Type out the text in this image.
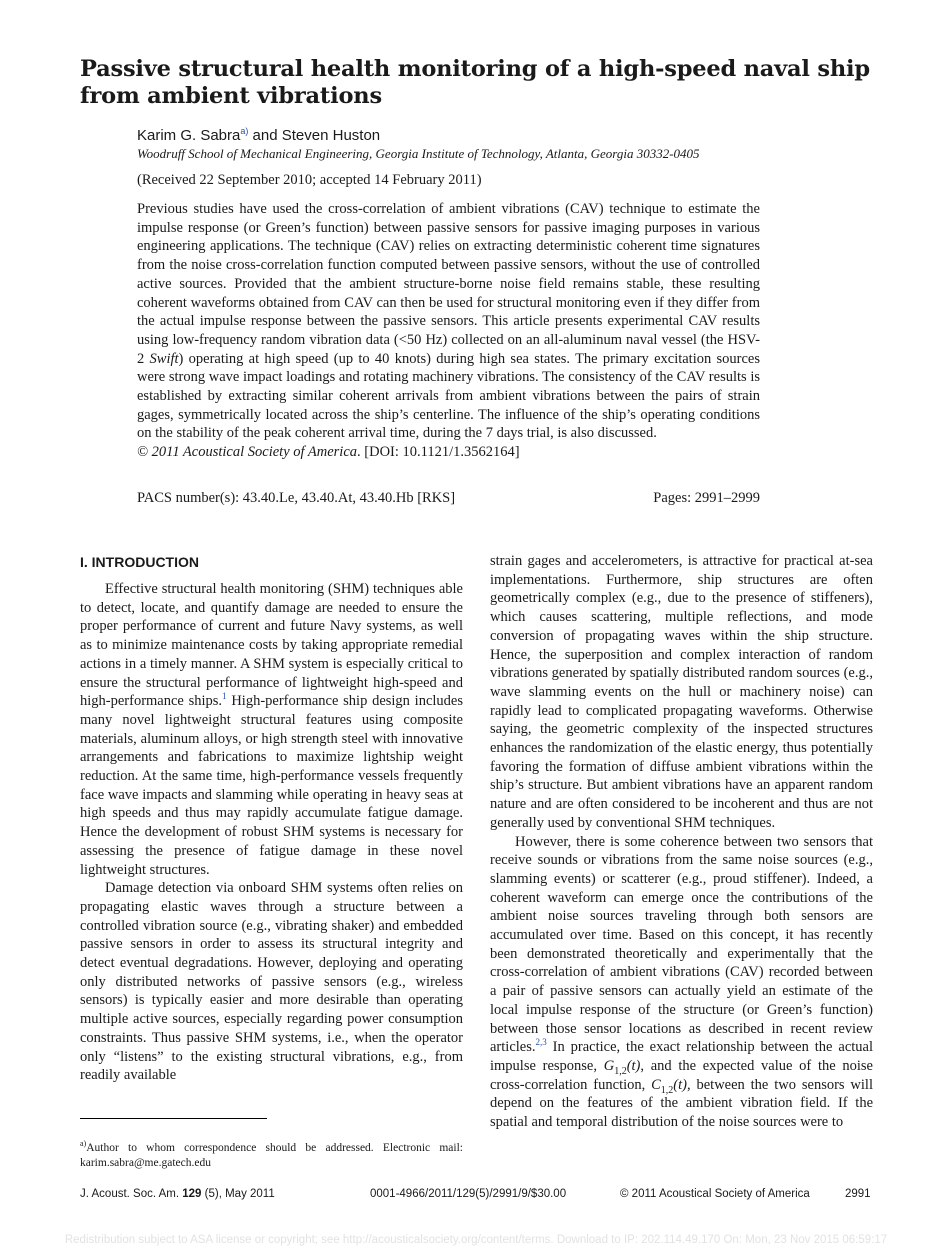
Passive structural health monitoring of a high-speed naval ship from ambient vibrations
Karim G. Sabra$^{a)}$ and Steven Huston
Woodruff School of Mechanical Engineering, Georgia Institute of Technology, Atlanta, Georgia 30332-0405
(Received 22 September 2010; accepted 14 February 2011)

Previous studies have used the cross-correlation of ambient vibrations (CAV) technique to estimate the impulse response (or Green’s function) between passive sensors for passive imaging purposes in various engineering applications. The technique (CAV) relies on extracting deterministic coherent time signatures from the noise cross-correlation function computed between passive sensors, without the use of controlled active sources. Provided that the ambient structure-borne noise field remains stable, these resulting coherent waveforms obtained from CAV can then be used for structural monitoring even if they differ from the actual impulse response between the passive sensors. This article presents experimental CAV results using low-frequency random vibration data (<50 Hz) collected on an all-aluminum naval vessel (the HSV-2 Swift) operating at high speed (up to 40 knots) during high sea states. The primary excitation sources were strong wave impact loadings and rotating machinery vibrations. The consistency of the CAV results is established by extracting similar coherent arrivals from ambient vibrations between the pairs of strain gages, symmetrically located across the ship’s centerline. The influence of the ship’s operating conditions on the stability of the peak coherent arrival time, during the 7 days trial, is also discussed.

© 2011 Acoustical Society of America. [DOI: 10.1121/1.3562164]

PACS number(s): 43.40.Le, 43.40.At, 43.40.Hb [RKS]	Pages: 2991–2999
I. INTRODUCTION

Effective structural health monitoring (SHM) techniques able to detect, locate, and quantify damage are needed to ensure the proper performance of current and future Navy systems, as well as to minimize maintenance costs by taking appropriate remedial actions in a timely manner. A SHM system is especially critical to ensure the structural performance of lightweight high-speed and high-performance ships.$^1$ High-performance ship design includes many novel lightweight structural features using composite materials, aluminum alloys, or high strength steel with innovative arrangements and fabrications to maximize lightship weight reduction. At the same time, high-performance vessels frequently face wave impacts and slamming while operating in heavy seas at high speeds and thus may rapidly accumulate fatigue damage. Hence the development of robust SHM systems is necessary for assessing the presence of fatigue damage in these novel lightweight structures.

Damage detection via onboard SHM systems often relies on propagating elastic waves through a structure between a controlled vibration source (e.g., vibrating shaker) and embedded passive sensors in order to assess its structural integrity and detect eventual degradations. However, deploying and operating only distributed networks of passive sensors (e.g., wireless sensors) is typically easier and more desirable than operating multiple active sources, especially regarding power consumption constraints. Thus passive SHM systems, i.e., when the operator only “listens” to the existing structural vibrations, e.g., from readily available

strain gages and accelerometers, is attractive for practical at-sea implementations. Furthermore, ship structures are often geometrically complex (e.g., due to the presence of stiffeners), which causes scattering, multiple reflections, and mode conversion of propagating waves within the ship structure. Hence, the superposition and complex interaction of random vibrations generated by spatially distributed random sources (e.g., wave slamming events on the hull or machinery noise) can rapidly lead to complicated propagating waveforms. Otherwise saying, the geometric complexity of the inspected structures enhances the randomization of the elastic energy, thus potentially favoring the formation of diffuse ambient vibrations within the ship’s structure. But ambient vibrations have an apparent random nature and are often considered to be incoherent and thus are not generally used by conventional SHM techniques.

However, there is some coherence between two sensors that receive sounds or vibrations from the same noise sources (e.g., slamming events) or scatterer (e.g., proud stiffener). Indeed, a coherent waveform can emerge once the contributions of the ambient noise sources traveling through both sensors are accumulated over time. Based on this concept, it has recently been demonstrated theoretically and experimentally that the cross-correlation of ambient vibrations (CAV) recorded between a pair of passive sensors can actually yield an estimate of the local impulse response of the structure (or Green’s function) between those sensor locations as described in recent review articles.$^{2,3}$ In practice, the exact relationship between the actual impulse response, $G_{1,2}(t)$, and the expected value of the noise cross-correlation function, $C_{1,2}(t)$, between the two sensors will depend on the features of the ambient vibration field. If the spatial and temporal distribution of the noise sources were to

$^{a)}$Author to whom correspondence should be addressed. Electronic mail: karim.sabra@me.gatech.edu
J. Acoust. Soc. Am. 129 (5), May 2011	0001-4966/2011/129(5)/2991/9/$30.00	© 2011 Acoustical Society of America	2991
Redistribution subject to ASA license or copyright; see http://acousticalsociety.org/content/terms. Download to IP: 202.114.49.170 On: Mon, 23 Nov 2015 06:59:17
